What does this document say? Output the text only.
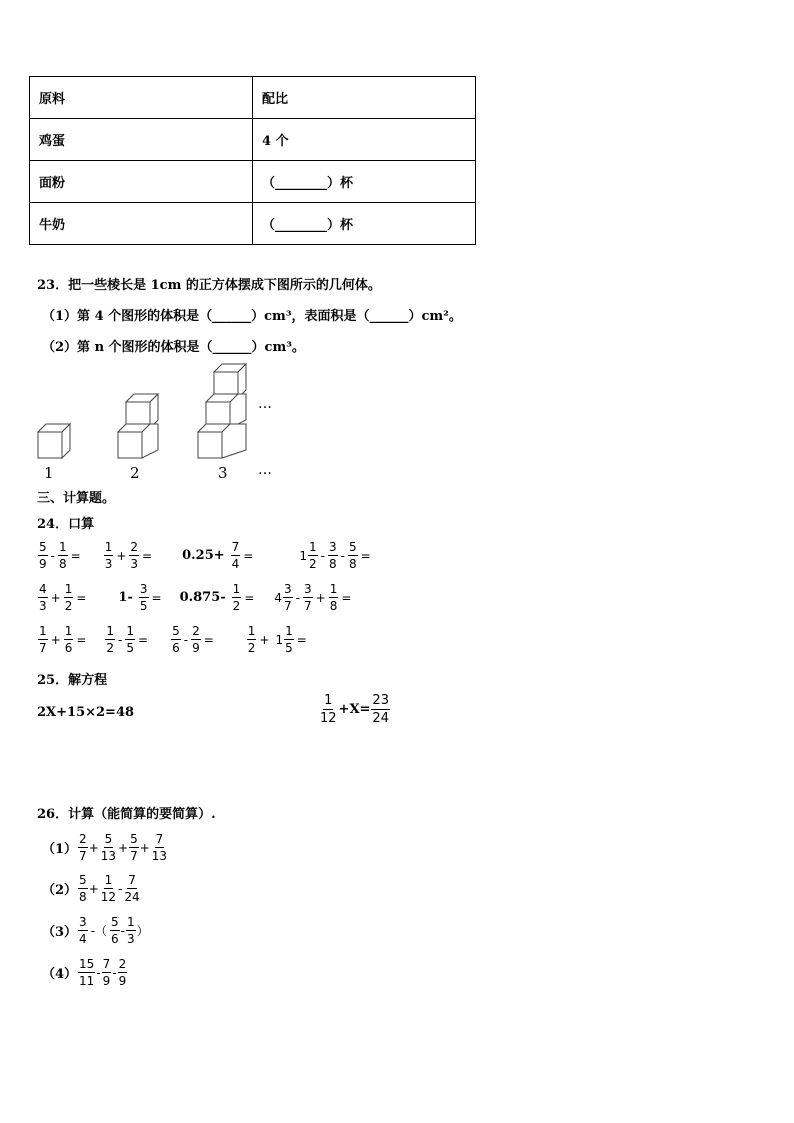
原料	配比
鸡蛋	4 个
面粉	（________）杯
牛奶	（________）杯
23．把一些棱长是 1cm 的正方体摆成下图所示的几何体。
（1）第 4 个图形的体积是（______）cm³，表面积是（______）cm²。
（2）第 n 个图形的体积是（______）cm³。
1	2	3
…
…
三、计算题。
24．口算
$\frac{5}{9} - \frac{1}{8} = \frac{1}{3} + \frac{2}{3} = 0.25+ \frac{7}{4}$ =	$1 \frac{1}{2} - \frac{3}{8} - \frac{5}{8}$ =
$\frac{4}{3} + \frac{1}{2} = 1- \frac{3}{5} = 0.875- \frac{1}{2} = 4 \frac{3}{7} - \frac{3}{7} + \frac{1}{8}$ =
$\frac{1}{7} + \frac{1}{6} = \frac{1}{2} - \frac{1}{5} = \frac{5}{6} - \frac{2}{9}$ =	$\frac{1}{2} + 1 \frac{1}{5}$ =
25．解方程
2X+15×2=48	$\frac{1}{12} +X= \frac{23}{24}$
26．计算（能简算的要简算）.
$(1) \frac{2}{7} + \frac{5}{13} + \frac{5}{7} + \frac{7}{13}$
$(2) \frac{5}{8} + \frac{1}{12} - \frac{7}{24}$
$(3) \frac{3}{4}$ -（ $\frac{5}{6} - \frac{1}{3}$ ）
$(4) \frac{15}{11} - \frac{7}{9} - \frac{2}{9}$
